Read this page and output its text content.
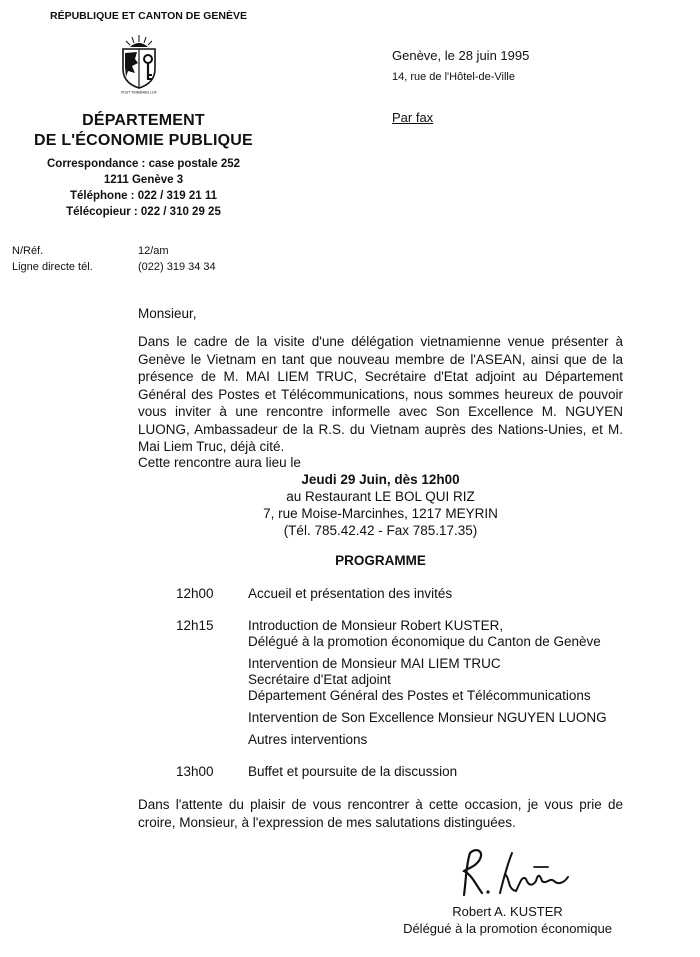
RÉPUBLIQUE ET CANTON DE GENÈVE
POST TENEBRAS LUX
DÉPARTEMENT
DE L'ÉCONOMIE PUBLIQUE
Correspondance : case postale 252
1211 Genève 3
Téléphone : 022 / 319 21 11
Télécopieur : 022 / 310 29 25
Genève, le 28 juin 1995
14, rue de l'Hôtel-de-Ville
Par fax
N/Réf.	12/am
Ligne directe tél.	(022) 319 34 34
Monsieur,
Dans le cadre de la visite d'une délégation vietnamienne venue présenter à Genève le Vietnam en tant que nouveau membre de l'ASEAN, ainsi que de la présence de M. MAI LIEM TRUC, Secrétaire d'Etat adjoint au Département Général des Postes et Télécommunications, nous sommes heureux de pouvoir vous inviter à une rencontre informelle avec Son Excellence M. NGUYEN LUONG, Ambassadeur de la R.S. du Vietnam auprès des Nations-Unies, et M. Mai Liem Truc, déjà cité.
Cette rencontre aura lieu le
Jeudi 29 Juin, dès 12h00
au Restaurant LE BOL QUI RIZ
7, rue Moise-Marcinhes, 1217 MEYRIN
(Tél. 785.42.42 - Fax 785.17.35)
PROGRAMME
12h00	Accueil et présentation des invités
12h15	Introduction de Monsieur Robert KUSTER,
Délégué à la promotion économique du Canton de Genève
Intervention de Monsieur MAI LIEM TRUC
Secrétaire d'Etat adjoint
Département Général des Postes et Télécommunications
Intervention de Son Excellence Monsieur NGUYEN LUONG
Autres interventions
13h00	Buffet et poursuite de la discussion
Dans l'attente du plaisir de vous rencontrer à cette occasion, je vous prie de croire, Monsieur, à l'expression de mes salutations distinguées.
Robert A. KUSTER
Délégué à la promotion économique
